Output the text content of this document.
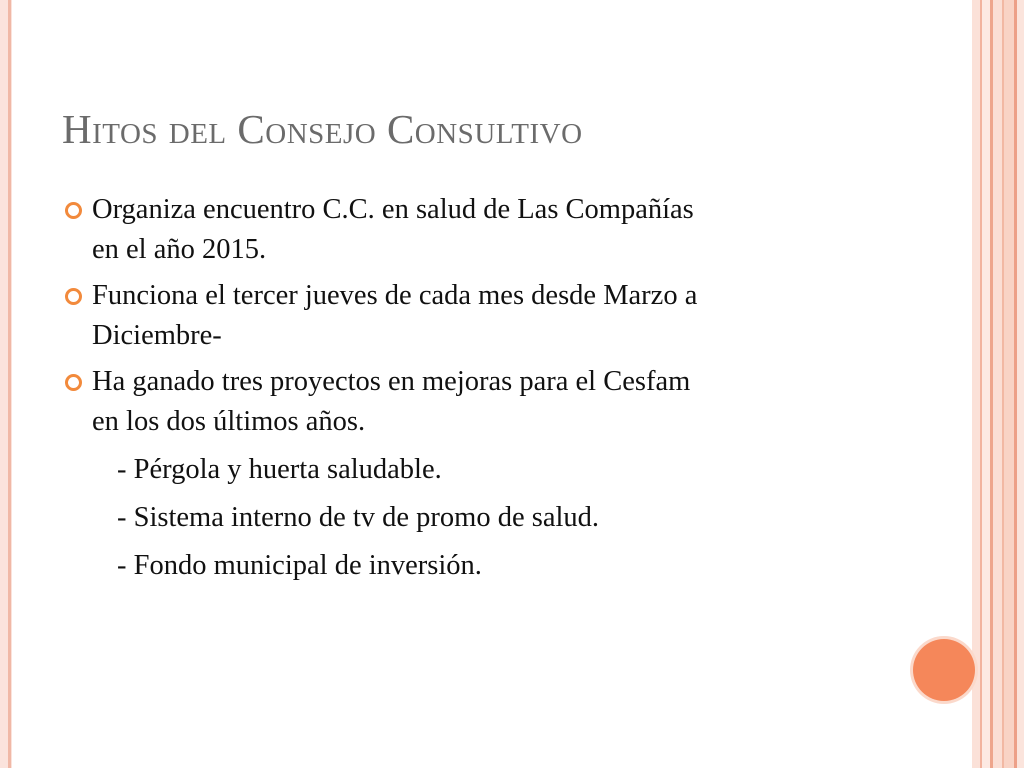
Hitos del Consejo Consultivo
Organiza encuentro C.C. en salud de Las Compañías
en el año 2015.
Funciona el tercer jueves de cada mes desde Marzo a
Diciembre-
Ha ganado tres proyectos en mejoras para el Cesfam
en los dos últimos años.
- Pérgola y huerta saludable.
- Sistema interno de tv de promo de salud.
- Fondo municipal de inversión.
